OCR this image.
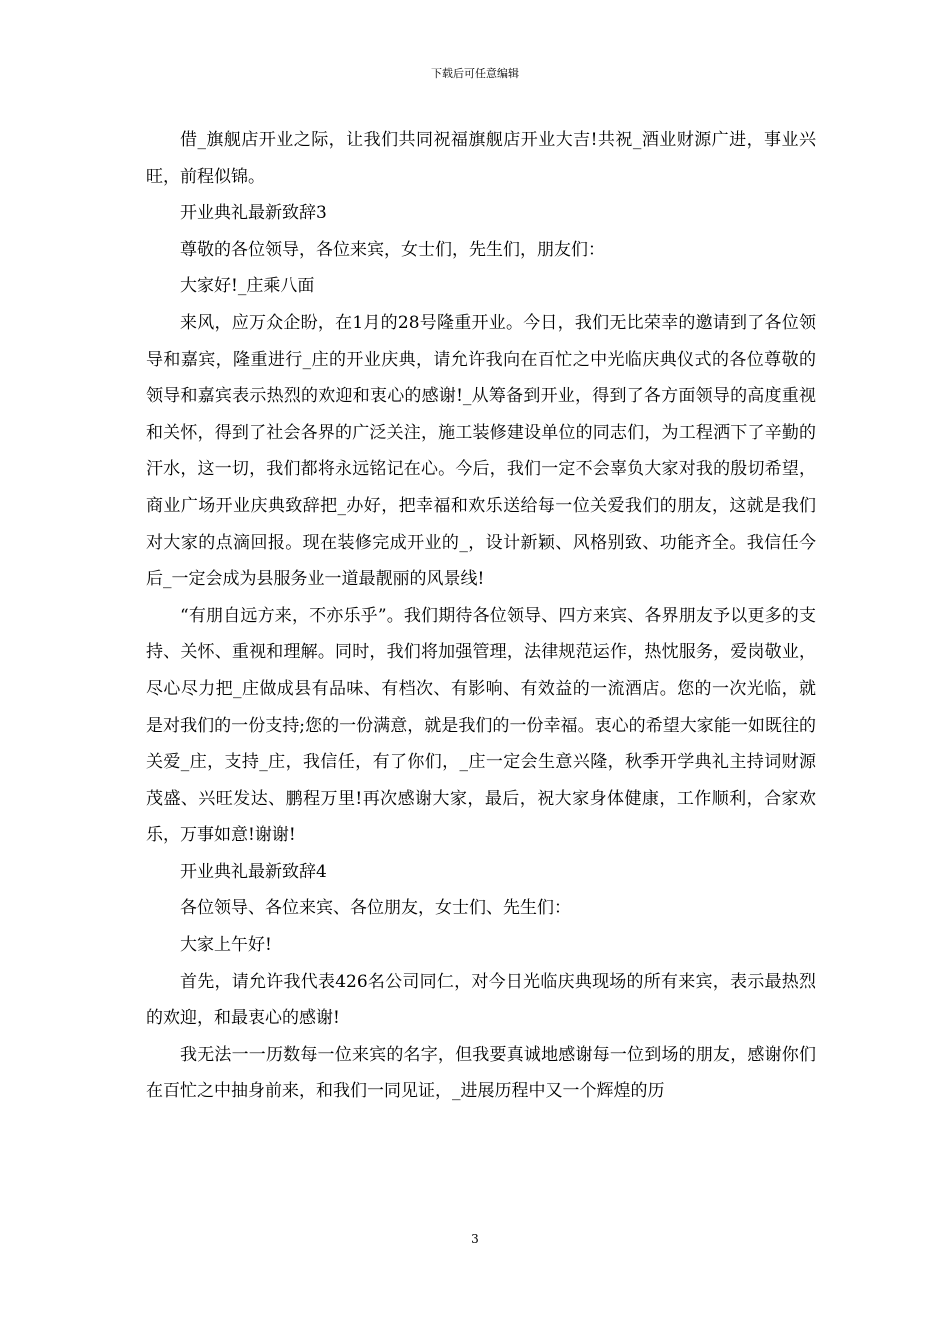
下载后可任意编辑

借_旗舰店开业之际，让我们共同祝福旗舰店开业大吉!共祝_酒业财源广进，事业兴旺，前程似锦。

开业典礼最新致辞3

尊敬的各位领导，各位来宾，女士们，先生们，朋友们：

大家好!_庄乘八面

来风，应万众企盼，在1月的28号隆重开业。今日，我们无比荣幸的邀请到了各位领导和嘉宾，隆重进行_庄的开业庆典，请允许我向在百忙之中光临庆典仪式的各位尊敬的领导和嘉宾表示热烈的欢迎和衷心的感谢!_从筹备到开业，得到了各方面领导的高度重视和关怀，得到了社会各界的广泛关注，施工装修建设单位的同志们，为工程洒下了辛勤的汗水，这一切，我们都将永远铭记在心。今后，我们一定不会辜负大家对我的殷切希望，商业广场开业庆典致辞把_办好，把幸福和欢乐送给每一位关爱我们的朋友，这就是我们对大家的点滴回报。现在装修完成开业的_，设计新颖、风格别致、功能齐全。我信任今后_一定会成为县服务业一道最靓丽的风景线!

“有朋自远方来，不亦乐乎”。我们期待各位领导、四方来宾、各界朋友予以更多的支持、关怀、重视和理解。同时，我们将加强管理，法律规范运作，热忱服务，爱岗敬业，尽心尽力把_庄做成县有品味、有档次、有影响、有效益的一流酒店。您的一次光临，就是对我们的一份支持;您的一份满意，就是我们的一份幸福。衷心的希望大家能一如既往的关爱_庄，支持_庄，我信任，有了你们，_庄一定会生意兴隆，秋季开学典礼主持词财源茂盛、兴旺发达、鹏程万里!再次感谢大家，最后，祝大家身体健康，工作顺利，合家欢乐，万事如意!谢谢!

开业典礼最新致辞4

各位领导、各位来宾、各位朋友，女士们、先生们：

大家上午好!

首先，请允许我代表426名公司同仁，对今日光临庆典现场的所有来宾，表示最热烈的欢迎，和最衷心的感谢!

我无法一一历数每一位来宾的名字，但我要真诚地感谢每一位到场的朋友，感谢你们在百忙之中抽身前来，和我们一同见证，_进展历程中又一个辉煌的历

3
